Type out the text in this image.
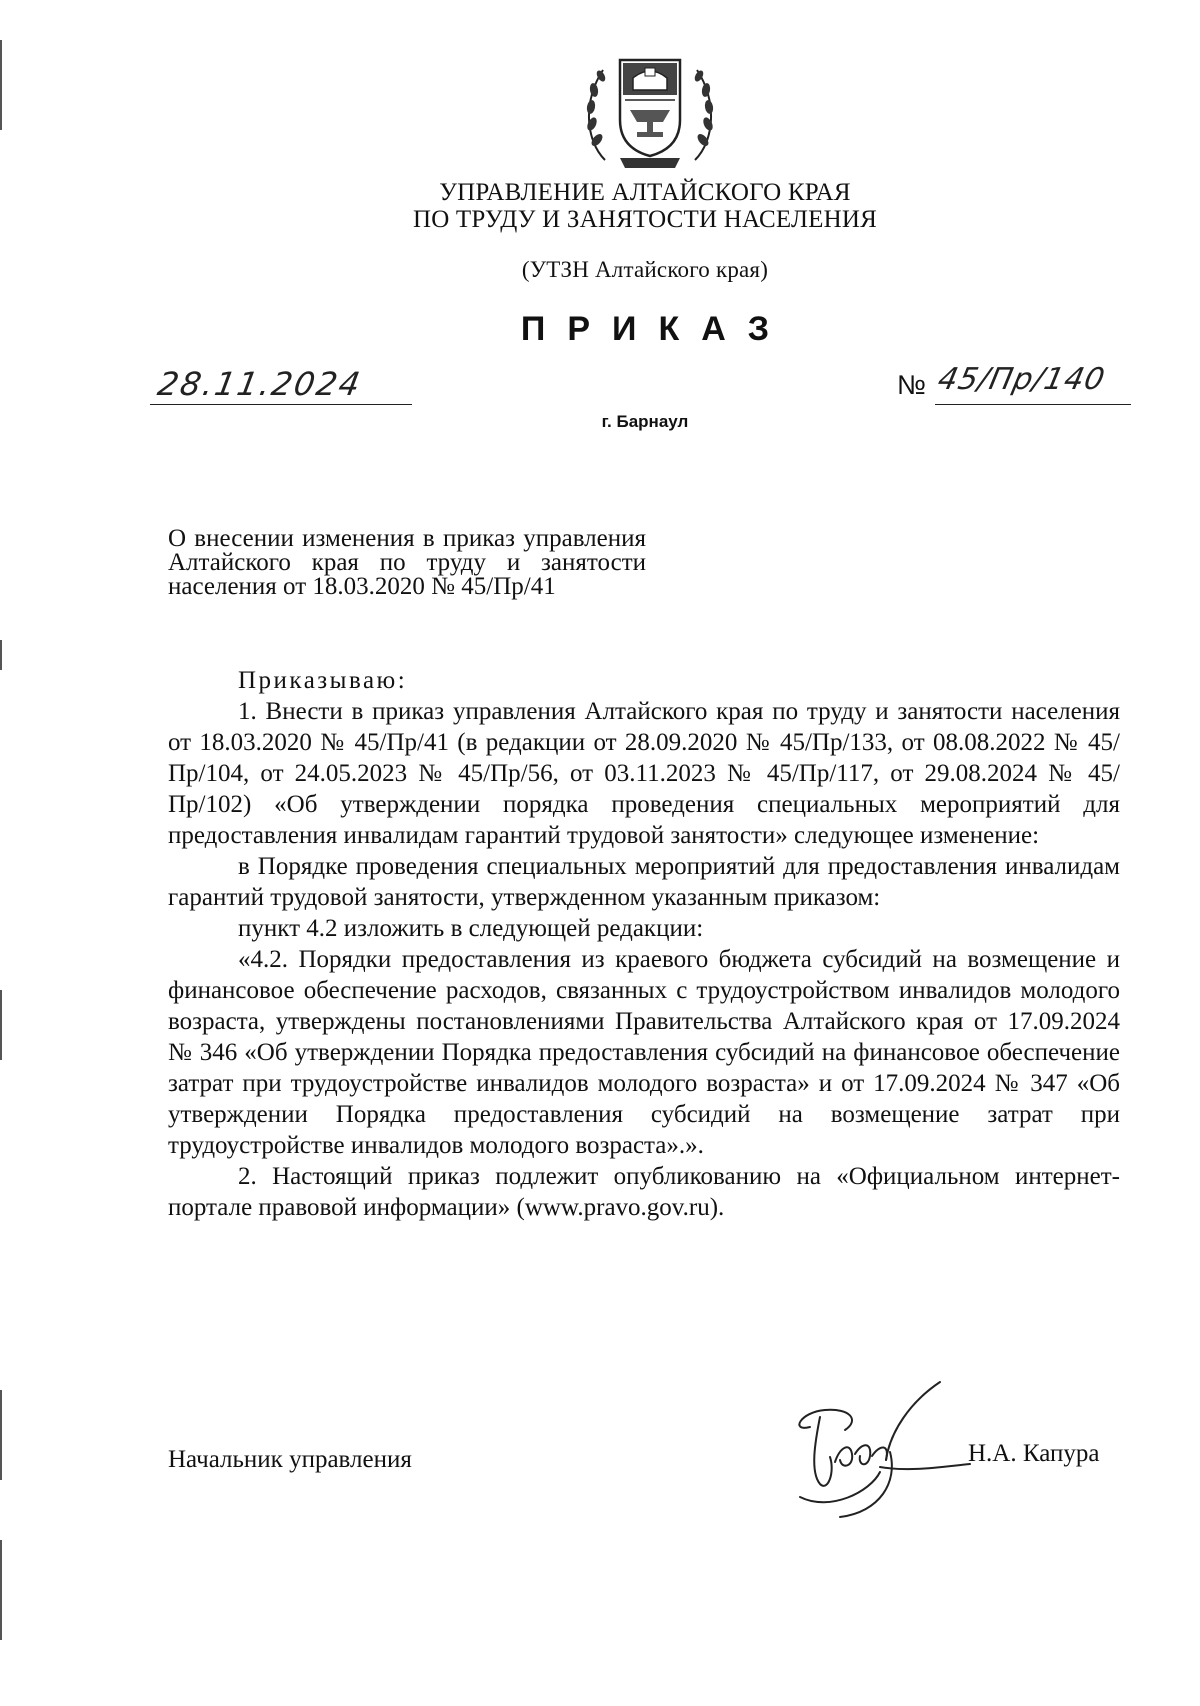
УПРАВЛЕНИЕ АЛТАЙСКОГО КРАЯ
ПО ТРУДУ И ЗАНЯТОСТИ НАСЕЛЕНИЯ
(УТЗН Алтайского края)
ПРИКАЗ
28.11.2024	№ 45/Пр/140
г. Барнаул
О внесении изменения в приказ управления Алтайского края по труду и занятости населения от 18.03.2020 № 45/Пр/41

Приказываю:

1. Внести в приказ управления Алтайского края по труду и занятости населения от 18.03.2020 № 45/Пр/41 (в редакции от 28.09.2020 № 45/Пр/133, от 08.08.2022 № 45/Пр/104, от 24.05.2023 № 45/Пр/56, от 03.11.2023 № 45/Пр/117, от 29.08.2024 № 45/Пр/102) «Об утверждении порядка проведения специальных мероприятий для предоставления инвалидам гарантий трудовой занятости» следующее изменение:

в Порядке проведения специальных мероприятий для предоставления инвалидам гарантий трудовой занятости, утвержденном указанным приказом:

пункт 4.2 изложить в следующей редакции:

«4.2. Порядки предоставления из краевого бюджета субсидий на возмещение и финансовое обеспечение расходов, связанных с трудоустройством инвалидов молодого возраста, утверждены постановлениями Правительства Алтайского края от 17.09.2024 № 346 «Об утверждении Порядка предоставления субсидий на финансовое обеспечение затрат при трудоустройстве инвалидов молодого возраста» и от 17.09.2024 № 347 «Об утверждении Порядка предоставления субсидий на возмещение затрат при трудоустройстве инвалидов молодого возраста».».

2. Настоящий приказ подлежит опубликованию на «Официальном интернет-портале правовой информации» (www.pravo.gov.ru).

Начальник управления	Н.А. Капура
